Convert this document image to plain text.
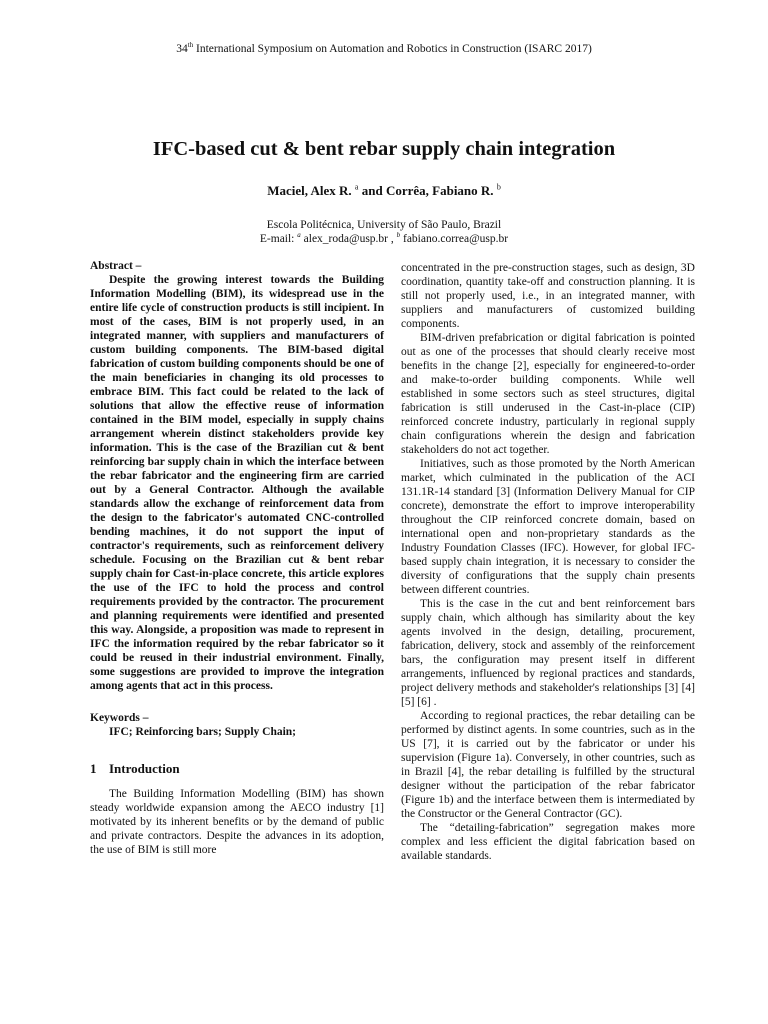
34th International Symposium on Automation and Robotics in Construction (ISARC 2017)
IFC-based cut & bent rebar supply chain integration
Maciel, Alex R. $^a$ and Corrêa, Fabiano R. $^b$
Escola Politécnica, University of São Paulo, Brazil
E-mail: $^a$ alex_roda@usp.br , $^b$ fabiano.correa@usp.br
Abstract –

Despite the growing interest towards the Building Information Modelling (BIM), its widespread use in the entire life cycle of construction products is still incipient. In most of the cases, BIM is not properly used, in an integrated manner, with suppliers and manufacturers of custom building components. The BIM-based digital fabrication of custom building components should be one of the main beneficiaries in changing its old processes to embrace BIM. This fact could be related to the lack of solutions that allow the effective reuse of information contained in the BIM model, especially in supply chains arrangement wherein distinct stakeholders provide key information. This is the case of the Brazilian cut & bent reinforcing bar supply chain in which the interface between the rebar fabricator and the engineering firm are carried out by a General Contractor. Although the available standards allow the exchange of reinforcement data from the design to the fabricator's automated CNC-controlled bending machines, it do not support the input of contractor's requirements, such as reinforcement delivery schedule. Focusing on the Brazilian cut & bent rebar supply chain for Cast-in-place concrete, this article explores the use of the IFC to hold the process and control requirements provided by the contractor. The procurement and planning requirements were identified and presented this way. Alongside, a proposition was made to represent in IFC the information required by the rebar fabricator so it could be reused in their industrial environment. Finally, some suggestions are provided to improve the integration among agents that act in this process.

Keywords –
IFC; Reinforcing bars; Supply Chain;
1 Introduction

The Building Information Modelling (BIM) has shown steady worldwide expansion among the AECO industry [1] motivated by its inherent benefits or by the demand of public and private contractors. Despite the advances in its adoption, the use of BIM is still more

concentrated in the pre-construction stages, such as design, 3D coordination, quantity take-off and construction planning. It is still not properly used, i.e., in an integrated manner, with suppliers and manufacturers of customized building components.

BIM-driven prefabrication or digital fabrication is pointed out as one of the processes that should clearly receive most benefits in the change [2], especially for engineered-to-order and make-to-order building components. While well established in some sectors such as steel structures, digital fabrication is still underused in the Cast-in-place (CIP) reinforced concrete industry, particularly in regional supply chain configurations wherein the design and fabrication stakeholders do not act together.

Initiatives, such as those promoted by the North American market, which culminated in the publication of the ACI 131.1R-14 standard [3] (Information Delivery Manual for CIP concrete), demonstrate the effort to improve interoperability throughout the CIP reinforced concrete domain, based on international open and non-proprietary standards as the Industry Foundation Classes (IFC). However, for global IFC-based supply chain integration, it is necessary to consider the diversity of configurations that the supply chain presents between different countries.

This is the case in the cut and bent reinforcement bars supply chain, which although has similarity about the key agents involved in the design, detailing, procurement, fabrication, delivery, stock and assembly of the reinforcement bars, the configuration may present itself in different arrangements, influenced by regional practices and standards, project delivery methods and stakeholder's relationships [3] [4] [5] [6] .

According to regional practices, the rebar detailing can be performed by distinct agents. In some countries, such as in the US [7], it is carried out by the fabricator or under his supervision (Figure 1a). Conversely, in other countries, such as in Brazil [4], the rebar detailing is fulfilled by the structural designer without the participation of the rebar fabricator (Figure 1b) and the interface between them is intermediated by the Constructor or the General Contractor (GC).

The “detailing-fabrication” segregation makes more complex and less efficient the digital fabrication based on available standards.
